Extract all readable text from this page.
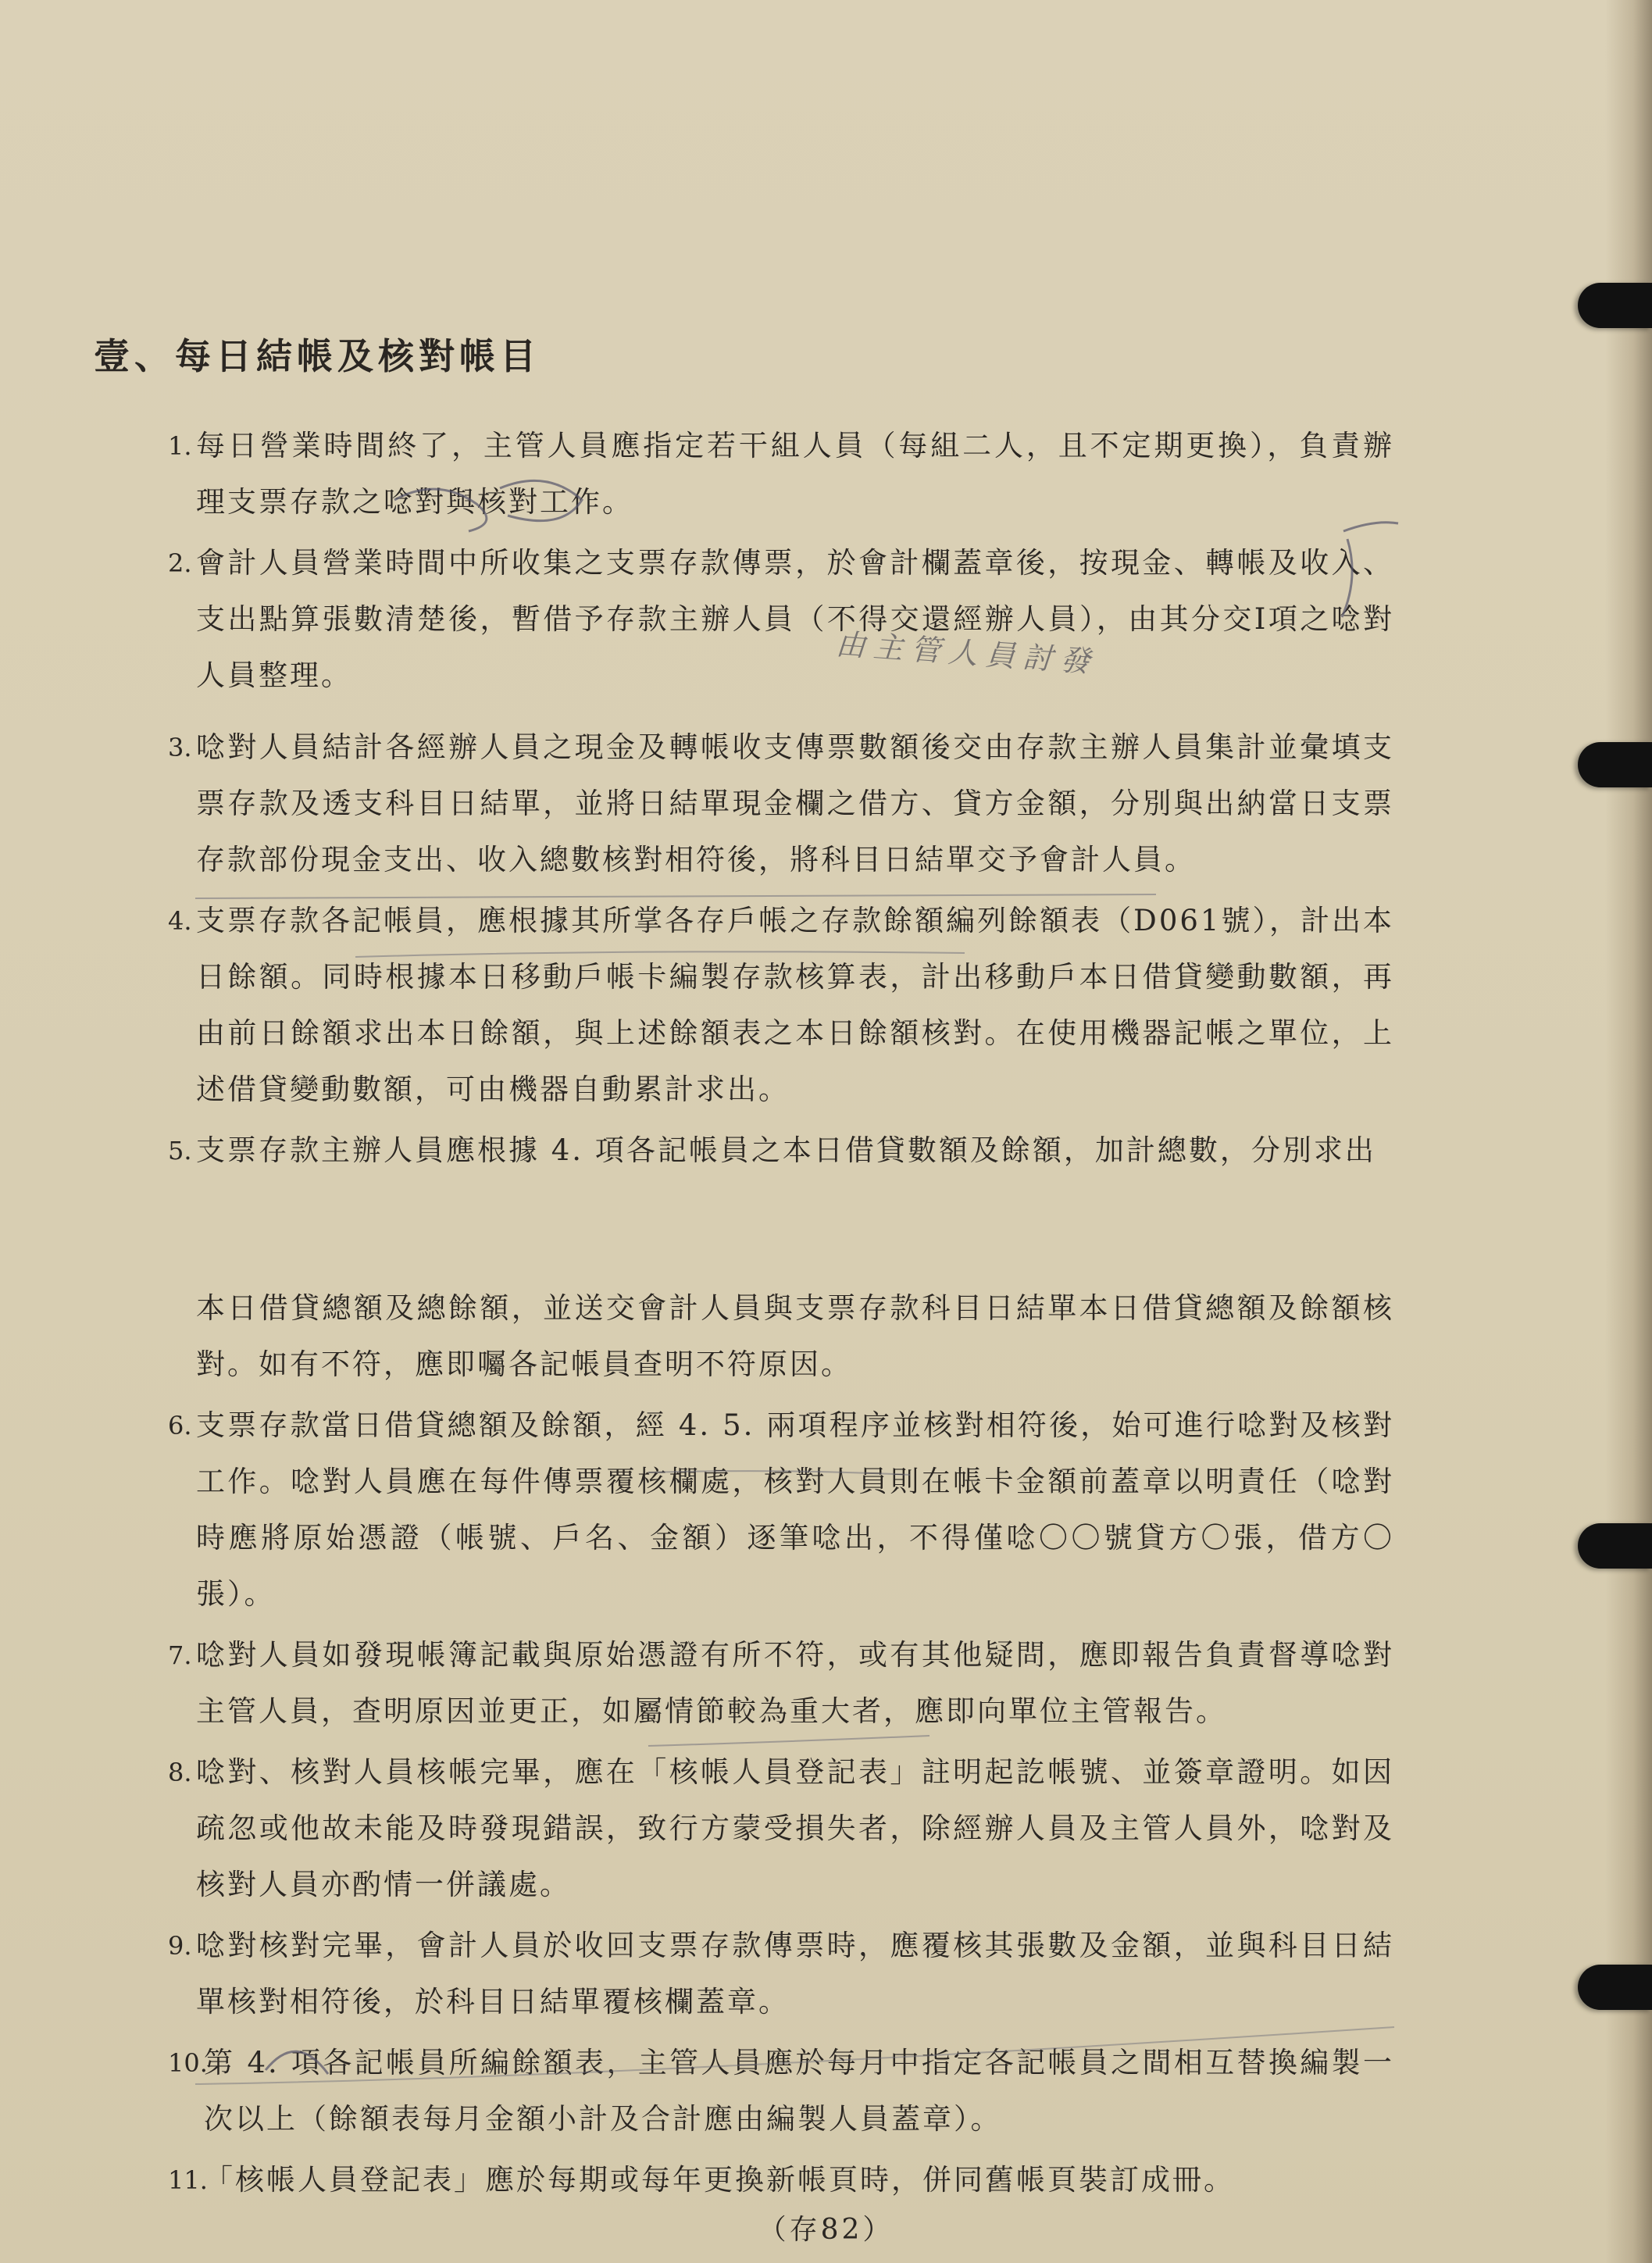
壹、每日結帳及核對帳目
1. 每日營業時間終了，主管人員應指定若干組人員（每組二人，且不定期更換），負責辦理支票存款之唸對與核對工作。
2. 會計人員營業時間中所收集之支票存款傳票，於會計欄蓋章後，按現金、轉帳及收入、支出點算張數清楚後，暫借予存款主辦人員（不得交還經辦人員），由其分交Ⅰ項之唸對人員整理。
3. 唸對人員結計各經辦人員之現金及轉帳收支傳票數額後交由存款主辦人員集計並彙填支票存款及透支科目日結單，並將日結單現金欄之借方、貸方金額，分別與出納當日支票存款部份現金支出、收入總數核對相符後，將科目日結單交予會計人員。
4. 支票存款各記帳員，應根據其所掌各存戶帳之存款餘額編列餘額表（D061號），計出本日餘額。同時根據本日移動戶帳卡編製存款核算表，計出移動戶本日借貸變動數額，再由前日餘額求出本日餘額，與上述餘額表之本日餘額核對。在使用機器記帳之單位，上述借貸變動數額，可由機器自動累計求出。
5. 支票存款主辦人員應根據 4. 項各記帳員之本日借貸數額及餘額，加計總數，分別求出
本日借貸總額及總餘額，並送交會計人員與支票存款科目日結單本日借貸總額及餘額核對。如有不符，應即囑各記帳員查明不符原因。
6. 支票存款當日借貸總額及餘額，經 4. 5. 兩項程序並核對相符後，始可進行唸對及核對工作。唸對人員應在每件傳票覆核欄處，核對人員則在帳卡金額前蓋章以明責任（唸對時應將原始憑證（帳號、戶名、金額）逐筆唸出，不得僅唸〇〇號貸方〇張，借方〇張）。
7. 唸對人員如發現帳簿記載與原始憑證有所不符，或有其他疑問，應即報告負責督導唸對主管人員，查明原因並更正，如屬情節較為重大者，應即向單位主管報告。
8. 唸對、核對人員核帳完畢，應在「核帳人員登記表」註明起訖帳號、並簽章證明。如因疏忽或他故未能及時發現錯誤，致行方蒙受損失者，除經辦人員及主管人員外，唸對及核對人員亦酌情一併議處。
9. 唸對核對完畢，會計人員於收回支票存款傳票時，應覆核其張數及金額，並與科目日結單核對相符後，於科目日結單覆核欄蓋章。
10.
第 4. 項各記帳員所編餘額表，主管人員應於每月中指定各記帳員之間相互替換編製一次以上（餘額表每月金額小計及合計應由編製人員蓋章）。
11.
「核帳人員登記表」應於每期或每年更換新帳頁時，併同舊帳頁裝訂成冊。
由主管人員討發
（存82）
